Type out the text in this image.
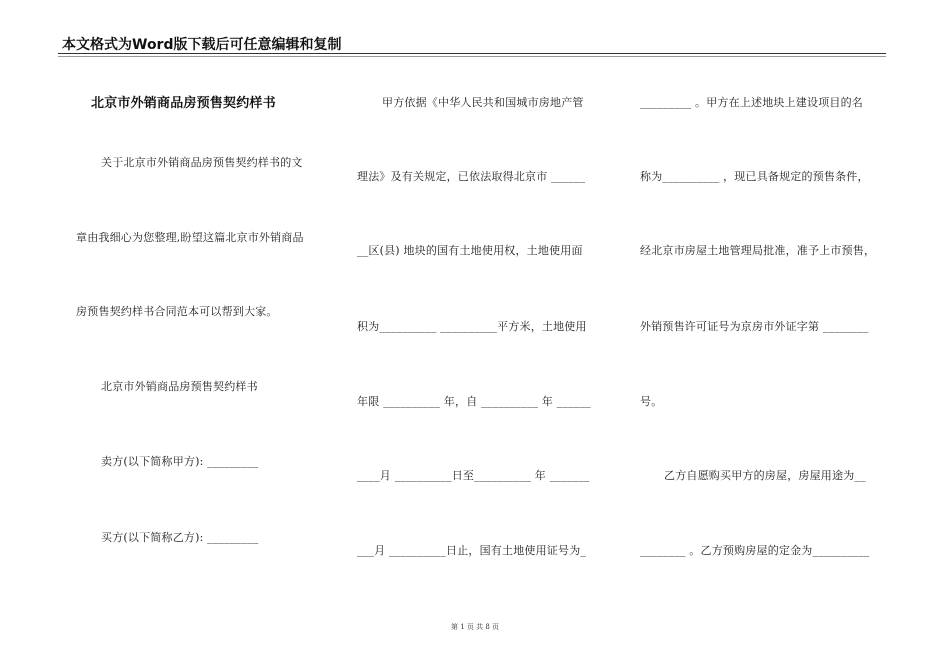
本文格式为Word版下载后可任意编辑和复制
北京市外销商品房预售契约样书
关于北京市外销商品房预售契约样书的文
章由我细心为您整理,盼望这篇北京市外销商品
房预售契约样书合同范本可以帮到大家。
北京市外销商品房预售契约样书
卖方(以下简称甲方): _________
买方(以下简称乙方): _________
甲方依据《中华人民共和国城市房地产管
理法》及有关规定，已依法取得北京市 ______
__区(县) 地块的国有土地使用权，土地使用面
积为__________ __________平方米，土地使用
年限 __________ 年，自 __________ 年 ______
____月 __________日至__________ 年 _______
___月 __________日止，国有土地使用证号为_
_________ 。甲方在上述地块上建设项目的名
称为__________ ，现已具备规定的预售条件，
经北京市房屋土地管理局批准，准予上市预售，
外销预售许可证号为京房市外证字第 ________
号。
乙方自愿购买甲方的房屋，房屋用途为__
________ 。乙方预购房屋的定金为__________
第 1 页 共 8 页
